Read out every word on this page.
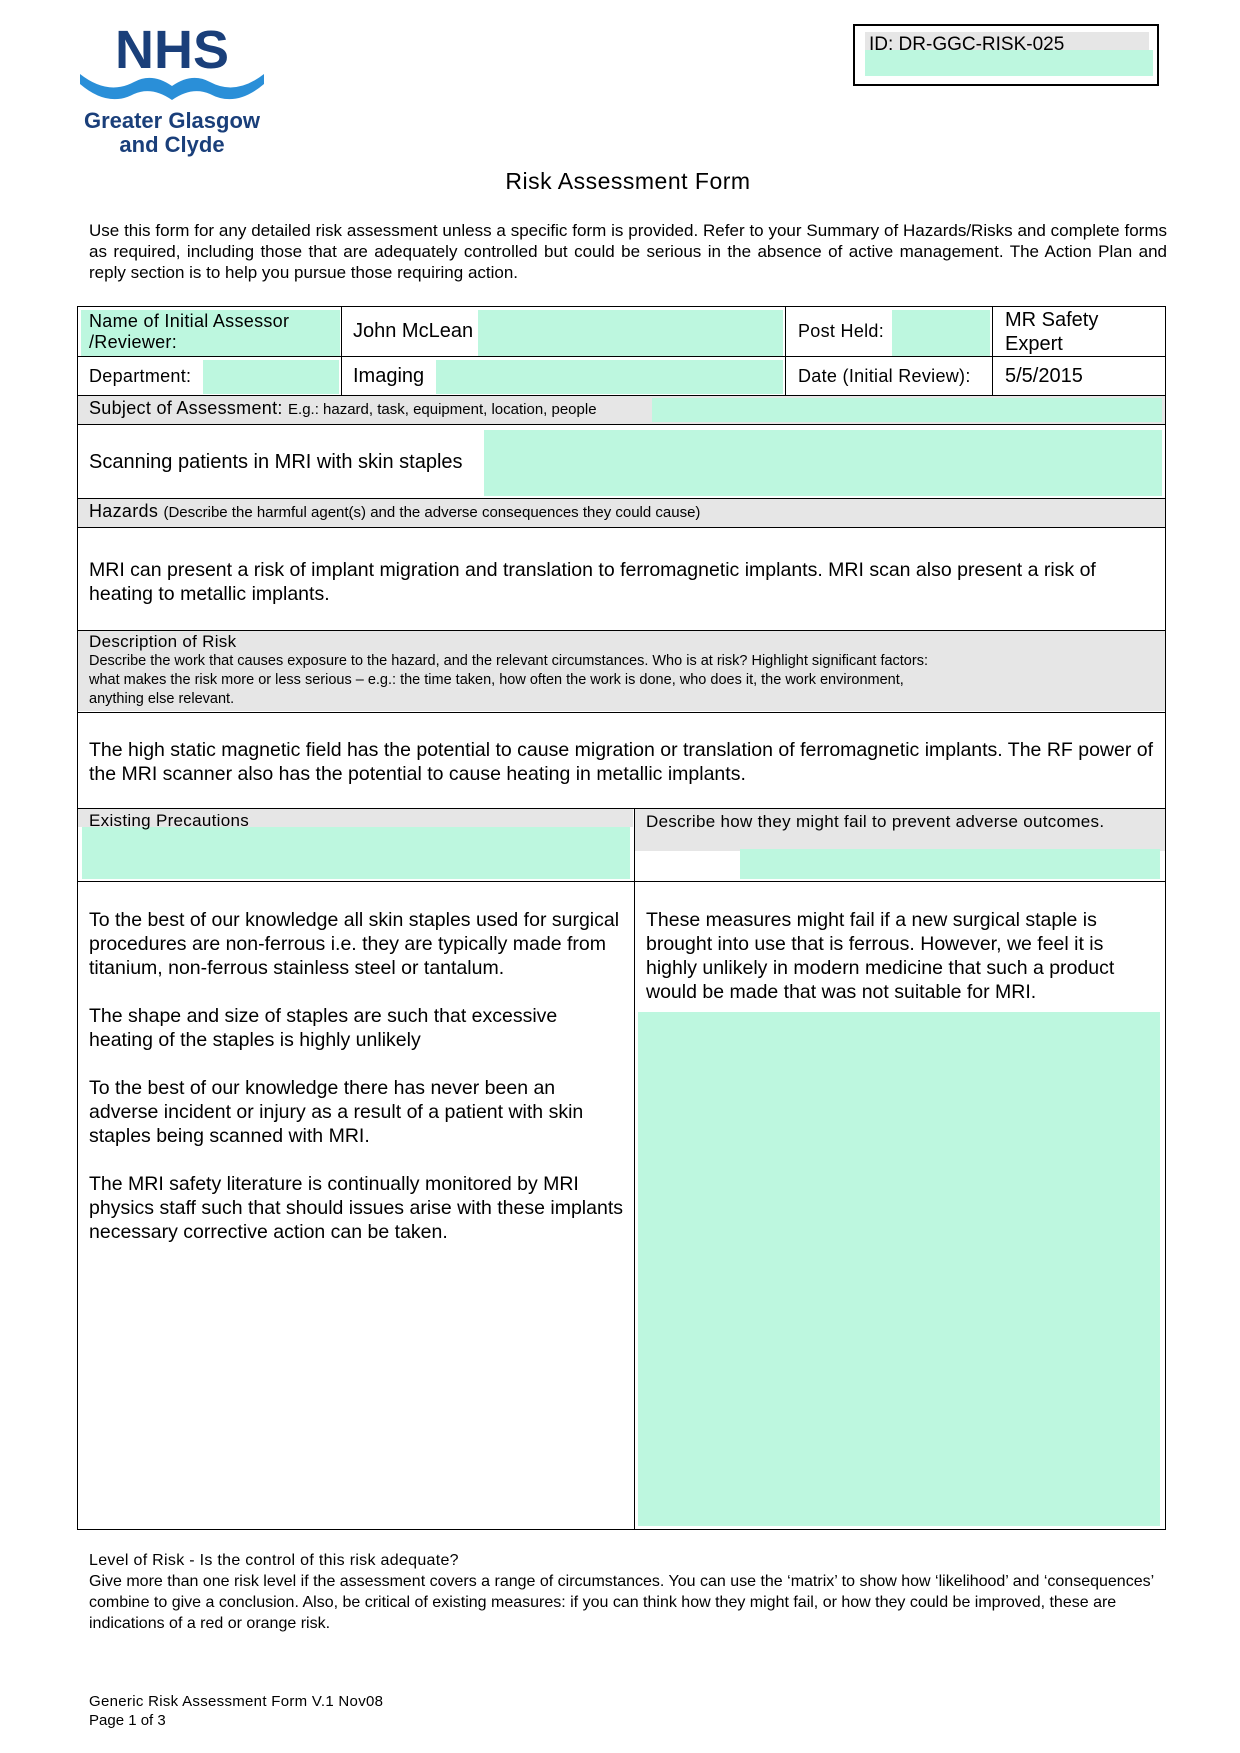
NHS
Greater Glasgow
and Clyde
ID: DR-GGC-RISK-025
Risk Assessment Form
Use this form for any detailed risk assessment unless a specific form is provided. Refer to your Summary of Hazards/Risks and complete forms as required, including those that are adequately controlled but could be serious in the absence of active management. The Action Plan and reply section is to help you pursue those requiring action.
Name of Initial Assessor
/Reviewer:	John McLean	Post Held:	MR Safety
Expert
Department:	Imaging	Date (Initial Review): 5/5/2015
Subject of Assessment: E.g.: hazard, task, equipment, location, people
Scanning patients in MRI with skin staples
Hazards (Describe the harmful agent(s) and the adverse consequences they could cause)
MRI can present a risk of implant migration and translation to ferromagnetic implants. MRI scan also present a risk of heating to metallic implants.
Description of Risk
Describe the work that causes exposure to the hazard, and the relevant circumstances. Who is at risk? Highlight significant factors:
what makes the risk more or less serious – e.g.: the time taken, how often the work is done, who does it, the work environment,
anything else relevant.
The high static magnetic field has the potential to cause migration or translation of ferromagnetic implants. The RF power of the MRI scanner also has the potential to cause heating in metallic implants.
Existing Precautions	Describe how they might fail to prevent adverse outcomes.
To the best of our knowledge all skin staples used for surgical procedures are non-ferrous i.e. they are typically made from titanium, non-ferrous stainless steel or tantalum.
The shape and size of staples are such that excessive heating of the staples is highly unlikely
To the best of our knowledge there has never been an adverse incident or injury as a result of a patient with skin staples being scanned with MRI.
The MRI safety literature is continually monitored by MRI physics staff such that should issues arise with these implants necessary corrective action can be taken.
These measures might fail if a new surgical staple is brought into use that is ferrous. However, we feel it is highly unlikely in modern medicine that such a product would be made that was not suitable for MRI.
Level of Risk - Is the control of this risk adequate?
Give more than one risk level if the assessment covers a range of circumstances. You can use the ‘matrix’ to show how ‘likelihood’ and ‘consequences’ combine to give a conclusion. Also, be critical of existing measures: if you can think how they might fail, or how they could be improved, these are indications of a red or orange risk.
Generic Risk Assessment Form V.1 Nov08
Page 1 of 3
